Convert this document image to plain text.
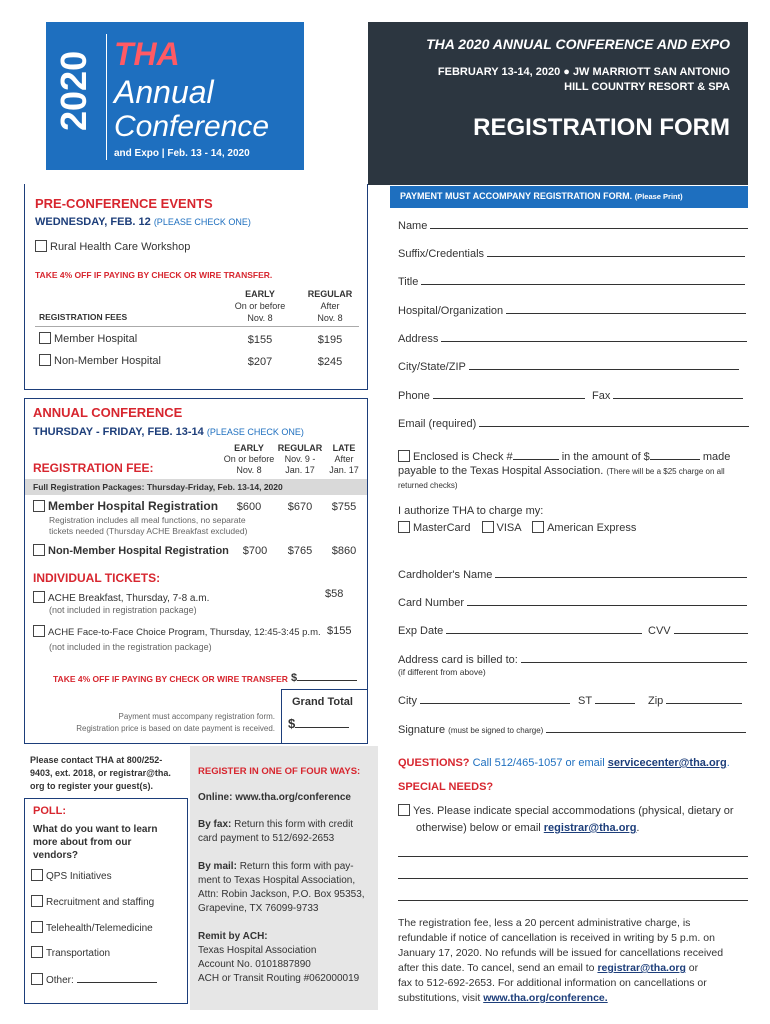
2020 THA
Annual
Conference
and Expo | Feb. 13 - 14, 2020
THA 2020 ANNUAL CONFERENCE AND EXPO
FEBRUARY 13-14, 2020 ● JW MARRIOTT SAN ANTONIO
HILL COUNTRY RESORT & SPA
REGISTRATION FORM
PRE-CONFERENCE EVENTS
WEDNESDAY, FEB. 12 (PLEASE CHECK ONE)
Rural Health Care Workshop
TAKE 4% OFF IF PAYING BY CHECK OR WIRE TRANSFER.
EARLY
On or before
Nov. 8
REGULAR
After
Nov. 8
REGISTRATION FEES
Member Hospital	$155	$195
Non-Member Hospital	$207	$245
ANNUAL CONFERENCE
THURSDAY - FRIDAY, FEB. 13-14 (PLEASE CHECK ONE)
EARLY
On or before
Nov. 8
REGULAR
Nov. 9 -
Jan. 17
LATE
After
Jan. 17
REGISTRATION FEE:
Full Registration Packages: Thursday-Friday, Feb. 13-14, 2020
Member Hospital Registration	$600	$670	$755
Registration includes all meal functions, no separate
tickets needed (Thursday ACHE Breakfast excluded)
Non-Member Hospital Registration	$700	$765	$860
INDIVIDUAL TICKETS:
ACHE Breakfast, Thursday, 7-8 a.m.	$58
(not included in registration package)
ACHE Face-to-Face Choice Program, Thursday, 12:45-3:45 p.m. $155
(not included in the registration package)
TAKE 4% OFF IF PAYING BY CHECK OR WIRE TRANSFER $
Grand Total
$
Payment must accompany registration form.
Registration price is based on date payment is received.
Please contact THA at 800/252-
9403, ext. 2018, or registrar@tha.
org to register your guest(s).
POLL:
What do you want to learn
more about from our
vendors?
QPS Initiatives
Recruitment and staffing
Telehealth/Telemedicine
Transportation
Other:
REGISTER IN ONE OF FOUR WAYS:
Online: www.tha.org/conference
By fax: Return this form with credit
card payment to 512/692-2653
By mail: Return this form with pay-
ment to Texas Hospital Association,
Attn: Robin Jackson, P.O. Box 95353,
Grapevine, TX 76099-9733
Remit by ACH:
Texas Hospital Association
Account No. 0101887890
ACH or Transit Routing #062000019
PAYMENT MUST ACCOMPANY REGISTRATION FORM. (Please Print)
Name
Suffix/Credentials
Title
Hospital/Organization
Address
City/State/ZIP
Phone	Fax
Email (required)
Enclosed is Check #	in the amount of $	made
payable to the Texas Hospital Association. (There will be a $25 charge on all
returned checks)
I authorize THA to charge my:
MasterCard VISA American Express
Cardholder's Name
Card Number
Exp Date	CVV
Address card is billed to:
(if different from above)
City	ST	Zip
Signature (must be signed to charge)
QUESTIONS? Call 512/465-1057 or email servicecenter@tha.org.
SPECIAL NEEDS?
Yes. Please indicate special accommodations (physical, dietary or
otherwise) below or email registrar@tha.org.
The registration fee, less a 20 percent administrative charge, is
refundable if notice of cancellation is received in writing by 5 p.m. on
January 17, 2020. No refunds will be issued for cancellations received
after this date. To cancel, send an email to registrar@tha.org or
fax to 512-692-2653. For additional information on cancellations or
substitutions, visit www.tha.org/conference.
